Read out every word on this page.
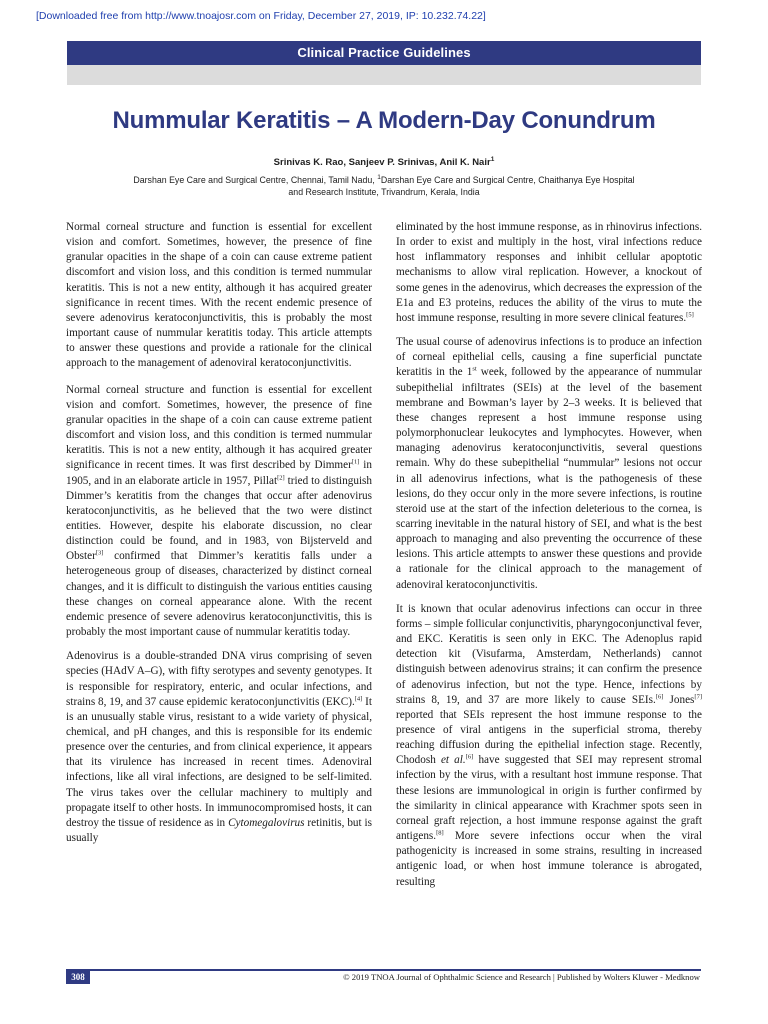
[Downloaded free from http://www.tnoajosr.com on Friday, December 27, 2019, IP: 10.232.74.22]
Clinical Practice Guidelines
Nummular Keratitis – A Modern-Day Conundrum
Srinivas K. Rao, Sanjeev P. Srinivas, Anil K. Nair$^1$
Darshan Eye Care and Surgical Centre, Chennai, Tamil Nadu, $^1$Darshan Eye Care and Surgical Centre, Chaithanya Eye Hospital
and Research Institute, Trivandrum, Kerala, India

Normal corneal structure and function is essential for excellent vision and comfort. Sometimes, however, the presence of fine granular opacities in the shape of a coin can cause extreme patient discomfort and vision loss, and this condition is termed nummular keratitis. This is not a new entity, although it has acquired greater significance in recent times. With the recent endemic presence of severe adenovirus keratoconjunctivitis, this is probably the most important cause of nummular keratitis today. This article attempts to answer these questions and provide a rationale for the clinical approach to the management of adenoviral keratoconjunctivitis.

Normal corneal structure and function is essential for excellent vision and comfort. Sometimes, however, the presence of fine granular opacities in the shape of a coin can cause extreme patient discomfort and vision loss, and this condition is termed nummular keratitis. This is not a new entity, although it has acquired greater significance in recent times. It was first described by Dimmer[1] in 1905, and in an elaborate article in 1957, Pillat[2] tried to distinguish Dimmer’s keratitis from the changes that occur after adenovirus keratoconjunctivitis, as he believed that the two were distinct entities. However, despite his elaborate discussion, no clear distinction could be found, and in 1983, von Bijsterveld and Obster[3] confirmed that Dimmer’s keratitis falls under a heterogeneous group of diseases, characterized by distinct corneal changes, and it is difficult to distinguish the various entities causing these changes on corneal appearance alone. With the recent endemic presence of severe adenovirus keratoconjunctivitis, this is probably the most important cause of nummular keratitis today.

Adenovirus is a double-stranded DNA virus comprising of seven species (HAdV A–G), with fifty serotypes and seventy genotypes. It is responsible for respiratory, enteric, and ocular infections, and strains 8, 19, and 37 cause epidemic keratoconjunctivitis (EKC).[4] It is an unusually stable virus, resistant to a wide variety of physical, chemical, and pH changes, and this is responsible for its endemic presence over the centuries, and from clinical experience, it appears that its virulence has increased in recent times. Adenoviral infections, like all viral infections, are designed to be self-limited. The virus takes over the cellular machinery to multiply and propagate itself to other hosts. In immunocompromised hosts, it can destroy the tissue of residence as in Cytomegalovirus retinitis, but is usually

eliminated by the host immune response, as in rhinovirus infections. In order to exist and multiply in the host, viral infections reduce host inflammatory responses and inhibit cellular apoptotic mechanisms to allow viral replication. However, a knockout of some genes in the adenovirus, which decreases the expression of the E1a and E3 proteins, reduces the ability of the virus to mute the host immune response, resulting in more severe clinical features.[5]

The usual course of adenovirus infections is to produce an infection of corneal epithelial cells, causing a fine superficial punctate keratitis in the 1st week, followed by the appearance of nummular subepithelial infiltrates (SEIs) at the level of the basement membrane and Bowman’s layer by 2–3 weeks. It is believed that these changes represent a host immune response using polymorphonuclear leukocytes and lymphocytes. However, when managing adenovirus keratoconjunctivitis, several questions remain. Why do these subepithelial “nummular” lesions not occur in all adenovirus infections, what is the pathogenesis of these lesions, do they occur only in the more severe infections, is routine steroid use at the start of the infection deleterious to the cornea, is scarring inevitable in the natural history of SEI, and what is the best approach to managing and also preventing the occurrence of these lesions. This article attempts to answer these questions and provide a rationale for the clinical approach to the management of adenoviral keratoconjunctivitis.

It is known that ocular adenovirus infections can occur in three forms – simple follicular conjunctivitis, pharyngoconjunctival fever, and EKC. Keratitis is seen only in EKC. The Adenoplus rapid detection kit (Visufarma, Amsterdam, Netherlands) cannot distinguish between adenovirus strains; it can confirm the presence of adenovirus infection, but not the type. Hence, infections by strains 8, 19, and 37 are more likely to cause SEIs.[6] Jones[7] reported that SEIs represent the host immune response to the presence of viral antigens in the superficial stroma, thereby reaching diffusion during the epithelial infection stage. Recently, Chodosh et al.[6] have suggested that SEI may represent stromal infection by the virus, with a resultant host immune response. That these lesions are immunological in origin is further confirmed by the similarity in clinical appearance with Krachmer spots seen in corneal graft rejection, a host immune response against the graft antigens.[8] More severe infections occur when the viral pathogenicity is increased in some strains, resulting in increased antigenic load, or when host immune tolerance is abrogated, resulting

308	© 2019 TNOA Journal of Ophthalmic Science and Research | Published by Wolters Kluwer - Medknow
